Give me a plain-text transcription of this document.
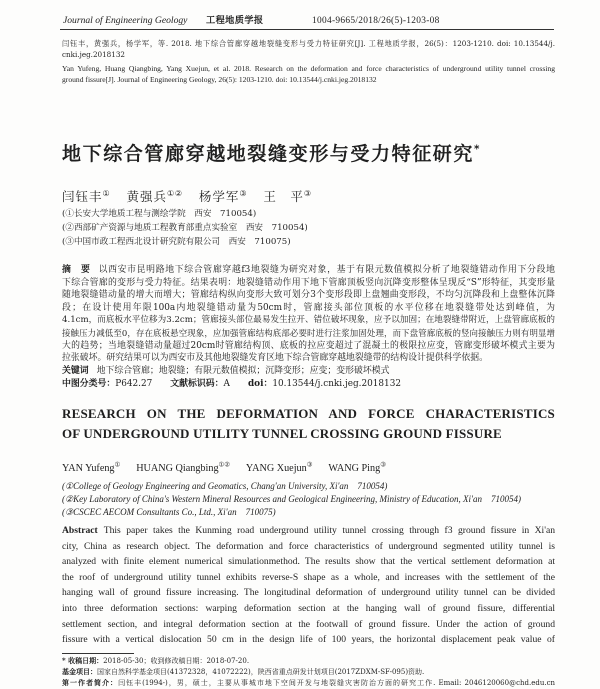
Journal of Engineering Geology 工程地质学报	1004-9665/2018/26(5)-1203-08
闫钰丰，黄强兵，杨学军，等. 2018. 地下综合管廊穿越地裂缝变形与受力特征研究[J]. 工程地质学报，26(5)：1203-1210. doi: 10.13544/j.
cnki.jeg.2018132
Yan Yufeng, Huang Qiangbing, Yang Xuejun, et al. 2018. Research on the deformation and force characteristics of underground utility tunnel crossing
ground fissure[J]. Journal of Engineering Geology, 26(5): 1203-1210. doi: 10.13544/j.cnki.jeg.2018132
地下综合管廊穿越地裂缝变形与受力特征研究*
闫钰丰① 黄强兵①② 杨学军③ 王　平③
(①长安大学地质工程与测绘学院　西安　710054)
(②西部矿产资源与地质工程教育部重点实验室　西安　710054)
(③中国市政工程西北设计研究院有限公司　西安　710075)
摘　要 以西安市昆明路地下综合管廊穿越f3地裂缝为研究对象，基于有限元数值模拟分析了地裂缝错动作用下分段地
下综合管廊的变形与受力特征。结果表明：地裂缝错动作用下地下管廊顶板竖向沉降变形整体呈现反“S”形特征，其变形量
随地裂缝错动量的增大而增大；管廊结构纵向变形大致可划分3个变形段即上盘翘曲变形段，不均匀沉降段和上盘整体沉降
段；在设计使用年限100a内地裂缝错动量为50cm时，管廊接头部位顶板的水平位移在地裂缝带处达到峰值，为
4.1cm，而底板水平位移为3.2cm；管廊接头部位最易发生拉开、错位破坏现象，应予以加固；在地裂缝带附近，上盘管廊底板的
接触压力减低至0，存在底板悬空现象，应加强管廊结构底部必要时进行注浆加固处理，而下盘管廊底板的竖向接触压力则有明显增
大的趋势；当地裂缝错动量超过20cm时管廊结构顶、底板的拉应变超过了混凝土的极限拉应变，管廊变形破坏模式主要为
拉张破坏。研究结果可以为西安市及其他地裂缝发育区地下综合管廊穿越地裂缝带的结构设计提供科学依据。
关键词 地下综合管廊；地裂缝；有限元数值模拟；沉降变形；应变；变形破坏模式
中图分类号：P642.27 文献标识码：A doi：10.13544/j.cnki.jeg.2018132
RESEARCH ON THE DEFORMATION AND FORCE CHARACTERISTICS
OF UNDERGROUND UTILITY TUNNEL CROSSING GROUND FISSURE
YAN Yufeng① HUANG Qiangbing①② YANG Xuejun③ WANG Ping③
(①College of Geology Engineering and Geomatics, Chang'an University, Xi'an　710054)
(②Key Laboratory of China's Western Mineral Resources and Geological Engineering, Ministry of Education, Xi'an　710054)
(③CSCEC AECOM Consultants Co., Ltd., Xi'an　710075)
Abstract This paper takes the Kunming road underground utility tunnel crossing through f3 ground fissure in Xi'an
city, China as research object. The deformation and force characteristics of underground segmented utility tunnel is
analyzed with finite element numerical simulationmethod. The results show that the vertical settlement deformation at
the roof of underground utility tunnel exhibits reverse-S shape as a whole, and increases with the settlement of the
hanging wall of ground fissure increasing. The longitudinal deformation of underground utility tunnel can be divided
into three deformation sections: warping deformation section at the hanging wall of ground fissure, differential
settlement section, and integral deformation section at the footwall of ground fissure. Under the action of ground
fissure with a vertical dislocation 50 cm in the design life of 100 years, the horizontal displacement peak value of
* 收稿日期：2018-05-30；收到修改稿日期：2018-07-20.
基金项目：国家自然科学基金项目(41372328，41072222)，陕西省重点研发计划项目(2017ZDXM-SF-095)资助.
第一作者简介：闫钰丰(1994-)，男，硕士，主要从事城市地下空间开发与地裂缝灾害防治方面的研究工作. Email: 2046120060@chd.edu.cn
